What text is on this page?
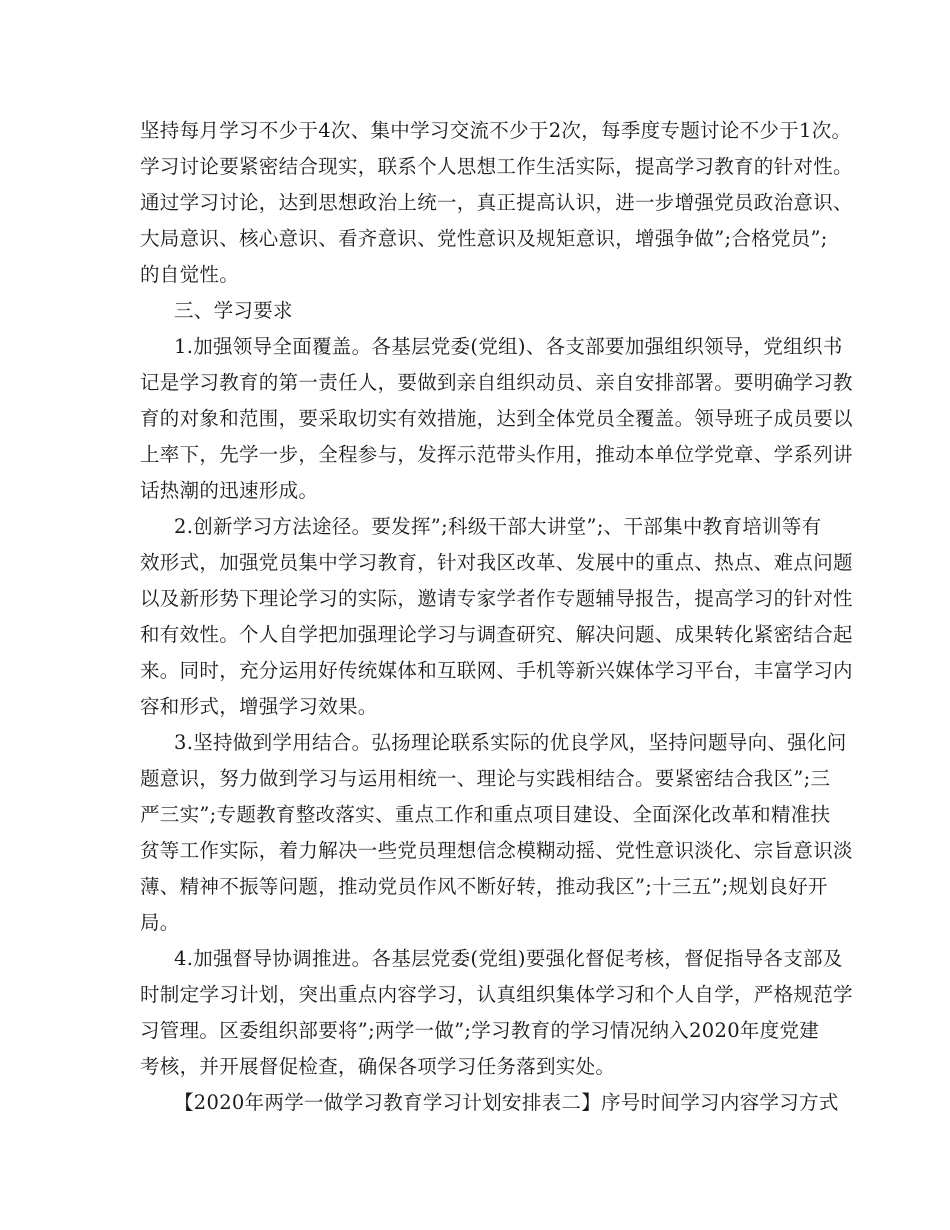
坚持每月学习不少于4次、集中学习交流不少于2次，每季度专题讨论不少于1次。
学习讨论要紧密结合现实，联系个人思想工作生活实际，提高学习教育的针对性。
通过学习讨论，达到思想政治上统一，真正提高认识，进一步增强党员政治意识、
大局意识、核心意识、看齐意识、党性意识及规矩意识，增强争做”;合格党员”;
的自觉性。
三、学习要求
1.加强领导全面覆盖。各基层党委(党组)、各支部要加强组织领导，党组织书
记是学习教育的第一责任人，要做到亲自组织动员、亲自安排部署。要明确学习教
育的对象和范围，要采取切实有效措施，达到全体党员全覆盖。领导班子成员要以
上率下，先学一步，全程参与，发挥示范带头作用，推动本单位学党章、学系列讲
话热潮的迅速形成。
2.创新学习方法途径。要发挥”;科级干部大讲堂”;、干部集中教育培训等有
效形式，加强党员集中学习教育，针对我区改革、发展中的重点、热点、难点问题
以及新形势下理论学习的实际，邀请专家学者作专题辅导报告，提高学习的针对性
和有效性。个人自学把加强理论学习与调查研究、解决问题、成果转化紧密结合起
来。同时，充分运用好传统媒体和互联网、手机等新兴媒体学习平台，丰富学习内
容和形式，增强学习效果。
3.坚持做到学用结合。弘扬理论联系实际的优良学风，坚持问题导向、强化问
题意识，努力做到学习与运用相统一、理论与实践相结合。要紧密结合我区”;三
严三实”;专题教育整改落实、重点工作和重点项目建设、全面深化改革和精准扶
贫等工作实际，着力解决一些党员理想信念模糊动摇、党性意识淡化、宗旨意识淡
薄、精神不振等问题，推动党员作风不断好转，推动我区”;十三五”;规划良好开
局。
4.加强督导协调推进。各基层党委(党组)要强化督促考核，督促指导各支部及
时制定学习计划，突出重点内容学习，认真组织集体学习和个人自学，严格规范学
习管理。区委组织部要将”;两学一做”;学习教育的学习情况纳入2020年度党建
考核，并开展督促检查，确保各项学习任务落到实处。
【2020年两学一做学习教育学习计划安排表二】序号时间学习内容学习方式
